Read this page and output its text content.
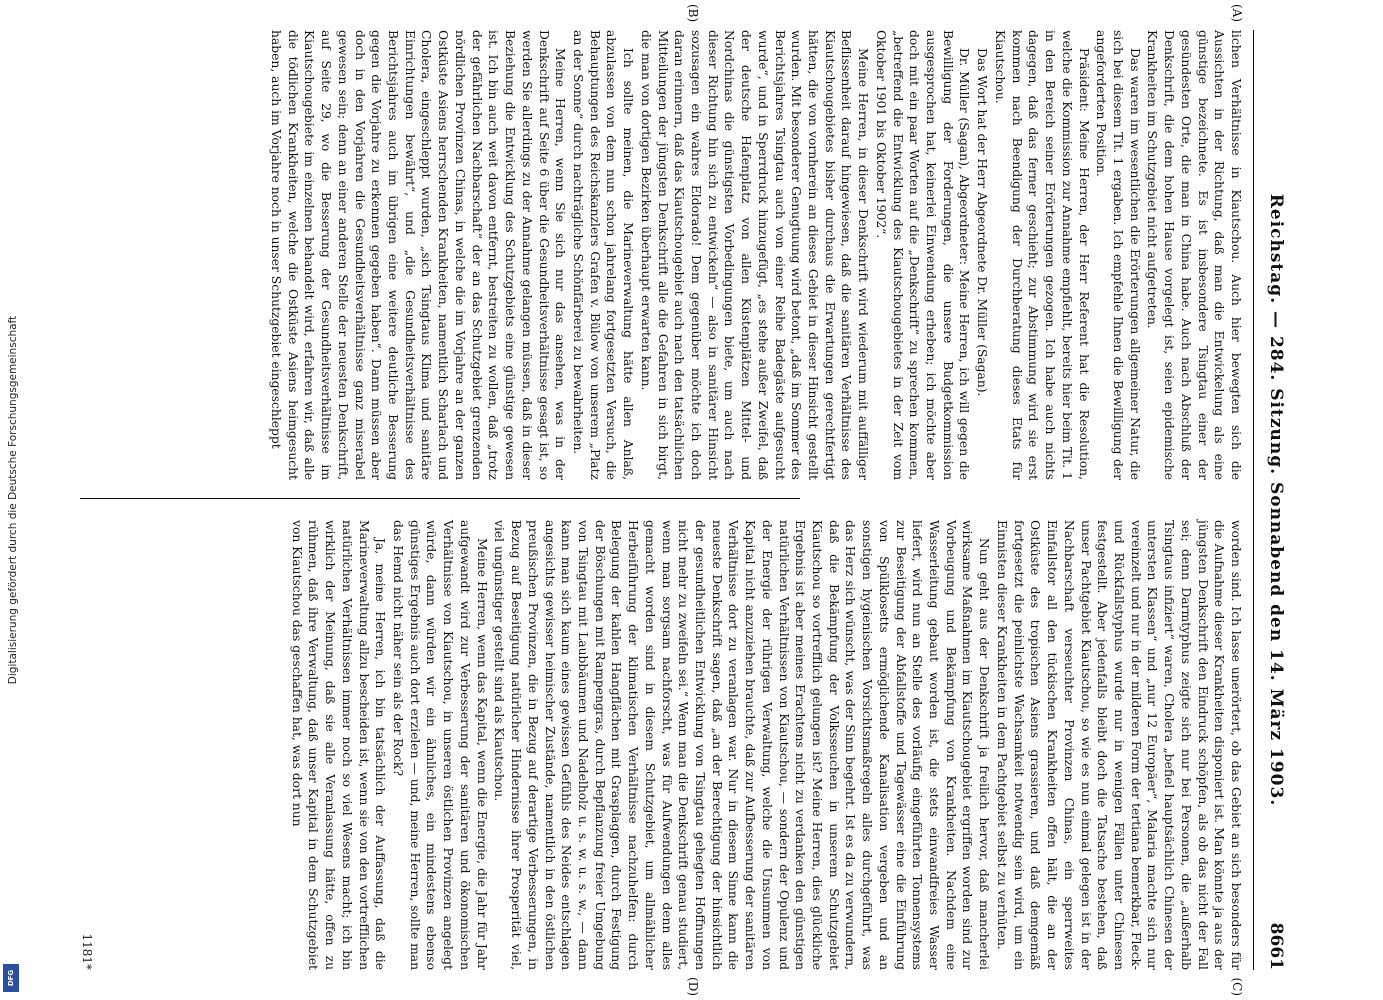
Digitalisierung gefördert durch die Deutsche Forschungsgemeinschaft
DFG
Reichstag. — 284. Sitzung. Sonnabend den 14. März 1903.
8661
(A)
(B)
(C)
(D)

lichen Verhältnisse in Kiautschou. Auch hier bewegten sich die Aussichten in der Richtung, daß man die Entwickelung als eine günstige bezeichnete. Es ist insbesondere Tsingtau einer der gesündesten Orte, die man in China habe. Auch nach Abschluß der Denkschrift, die dem hohen Hause vorgelegt ist, seien epidemische Krankheiten im Schutzgebiet nicht aufgetreten.

Das waren im wesentlichen die Erörterungen allgemeiner Natur, die sich bei diesem Tit. 1 ergaben. Ich empfehle Ihnen die Bewilligung der angeforderten Position.

Präsident: Meine Herren, der Herr Referent hat die Resolution, welche die Kommission zur Annahme empfiehlt, bereits hier beim Tit. 1 in den Bereich seiner Erörterungen gezogen. Ich habe auch nichts dagegen, daß das ferner geschieht; zur Abstimmung wird sie erst kommen nach Beendigung der Durchberatung dieses Etats für Kiautschou.

Das Wort hat der Herr Abgeordnete Dr. Müller (Sagan).

Dr. Müller (Sagan), Abgeordneter: Meine Herren, ich will gegen die Bewilligung der Forderungen, die unsere Budgetkommission ausgesprochen hat, keinerlei Einwendung erheben; ich möchte aber doch mit ein paar Worten auf die „Denkschrift“ zu sprechen kommen, „betreffend die Entwicklung des Kiautschougebietes in der Zeit vom Oktober 1901 bis Oktober 1902“.

Meine Herren, in dieser Denkschrift wird wiederum mit auffälliger Beflissenheit darauf hingewiesen, daß die sanitären Verhältnisse des Kiautschougebietes bisher durchaus die Erwartungen gerechtfertigt hätten, die von vornherein an dieses Gebiet in dieser Hinsicht gestellt wurden. Mit besonderer Genugtuung wird betont, „daß im Sommer des Berichtsjahres Tsingtau auch von einer Reihe Badegäste aufgesucht wurde“, und in Sperrdruck hinzugefügt, „es stehe außer Zweifel, daß der deutsche Hafenplatz von allen Küstenplätzen Mittel- und Nordchinas die günstigsten Vorbedingungen biete, um auch nach dieser Richtung hin sich zu entwickeln“ — also in sanitärer Hinsicht sozusagen ein wahres Eldorado! Dem gegenüber möchte ich doch daran erinnern, daß das Kiautschougebiet auch nach den tatsächlichen Mitteilungen der jüngsten Denkschrift alle die Gefahren in sich birgt, die man von dortigen Bezirken überhaupt erwarten kann.

Ich sollte meinen, die Marineverwaltung hätte allen Anlaß, abzulassen von dem nun schon jahrelang fortgesetzten Versuch, die Behauptungen des Reichskanzlers Grafen v. Bülow von unserem „Platz an der Sonne“ durch nachträgliche Schönfärberei zu bewahrheiten.

Meine Herren, wenn Sie sich nur das ansehen, was in der Denkschrift auf Seite 6 über die Gesundheitsverhältnisse gesagt ist, so werden Sie allerdings zu der Annahme gelangen müssen, daß in dieser Beziehung die Entwicklung des Schutzgebiets eine günstige gewesen ist. Ich bin auch weit davon entfernt, bestreiten zu wollen, daß „trotz der gefährlichen Nachbarschaft“ der an das Schutzgebiet grenzenden nördlichen Provinzen Chinas, in welche die im Vorjahre an der ganzen Ostküste Asiens herrschenden Krankheiten, namentlich Scharlach und Cholera, eingeschleppt wurden, „sich Tsingtaus Klima und sanitäre Einrichtungen bewährt“, und „die Gesundheitsverhältnisse des Berichtsjahres auch im übrigen eine weitere deutliche Besserung gegen die Vorjahre zu erkennen gegeben haben“. Dann müssen aber doch in den Vorjahren die Gesundheitsverhältnisse ganz miserabel gewesen sein; denn an einer anderen Stelle der neuesten Denkschrift, auf Seite 29, wo die Besserung der Gesundheitsverhältnisse im Kiautschougebiete im einzelnen behandelt wird, erfahren wir, daß alle die tödlichen Krankheiten, welche die Ostküste Asiens heimgesucht haben, auch im Vorjahre noch in unser Schutzgebiet eingeschleppt

worden sind. Ich lasse unerörtert, ob das Gebiet an sich besonders für die Aufnahme dieser Krankheiten disponiert ist. Man könnte ja aus der jüngsten Denkschrift den Eindruck schöpfen, als ob das nicht der Fall sei; denn Darmtyphus zeigte sich nur bei Personen, die „außerhalb Tsingtaus infiziert“ waren, Cholera „befiel hauptsächlich Chinesen der untersten Klassen“ und „nur 12 Europäer“, Malaria machte sich nur vereinzelt und nur in der milderen Form der tertiana bemerkbar, Fleck- und Rückfallstyphus wurde nur in wenigen Fällen unter Chinesen festgestellt. Aber jedenfalls bleibt doch die Tatsache bestehen, daß unser Pachtgebiet Kiautschou, so wie es nun einmal gelegen ist in der Nachbarschaft verseuchter Provinzen Chinas, ein sperrweites Einfallstor all den tückischen Krankheiten offen hält, die an der Ostküste des tropischen Asiens grassieren, und daß demgemäß fortgesetzt die peinlichste Wachsamkeit notwendig sein wird, um ein Einnisten dieser Krankheiten in dem Pachtgebiet selbst zu verhüten.

Nun geht aus der Denkschrift ja freilich hervor, daß mancherlei wirksame Maßnahmen im Kiautschougebiet ergriffen worden sind zur Vorbeugung und Bekämpfung von Krankheiten. Nachdem eine Wasserleitung gebaut worden ist, die stets einwandfreies Wasser liefert, wird nun an Stelle des vorläufig eingeführten Tonnensystems zur Beseitigung der Abfallstoffe und Tagewässer eine die Einführung von Spülklosetts ermöglichende Kanalisation vergeben und an sonstigen hygienischen Vorsichtsmaßregeln alles durchgeführt, was das Herz sich wünscht, was der Sinn begehrt. Ist es da zu verwundern, daß die Bekämpfung der Volksseuchen in unserem Schutzgebiet Kiautschou so vortrefflich gelungen ist? Meine Herren, dies glückliche Ergebnis ist aber meines Erachtens nicht zu verdanken den günstigen natürlichen Verhältnissen von Kiautschou, — sondern der Opulenz und der Energie der rührigen Verwaltung, welche die Unsummen von Kapital nicht anzuziehen brauchte, daß zur Aufbesserung der sanitären Verhältnisse dort zu veranlagen war. Nur in diesem Sinne kann die neueste Denkschrift sagen, daß „an der Berechtigung der hinsichtlich der gesundheitlichen Entwicklung von Tsingtau gehegten Hoffnungen nicht mehr zu zweifeln sei.“ Wenn man die Denkschrift genau studiert, wenn man sorgsam nachforscht, was für Aufwendungen denn alles gemacht worden sind in diesem Schutzgebiet, um allmählicher Herbeiführung der klimatischen Verhältnisse nachzuhelfen: durch Belegung der kahlen Hangflächen mit Grasplaggen, durch Festigung der Böschungen mit Rampengras, durch Bepflanzung freier Umgebung von Tsingtau mit Laubbäumen und Nadelholz u. s. w. u. s. w., — dann kann man sich kaum eines gewissen Gefühls des Neides entschlagen angesichts gewisser heimischer Zustände, namentlich in den östlichen preußischen Provinzen, die in Bezug auf derartige Verbesserungen, in Bezug auf Beseitigung natürlicher Hindernisse ihrer Prosperität viel, viel ungünstiger gestellt sind als Kiautschou.

Meine Herren, wenn das Kapital, wenn die Energie, die Jahr für Jahr aufgewandt wird zur Verbesserung der sanitären und ökonomischen Verhältnisse von Kiautschou, in unseren östlichen Provinzen angelegt würde, dann würden wir ein ähnliches, ein mindestens ebenso günstiges Ergebnis auch dort erzielen — und, meine Herren, sollte man das Hemd nicht näher sein als der Rock?

Ja, meine Herren, ich bin tatsächlich der Auffassung, daß die Marineverwaltung allzu bescheiden ist, wenn sie von den vortrefflichen natürlichen Verhältnissen immer noch so viel Wesens macht; ich bin wirklich der Meinung, daß sie alle Veranlassung hätte, offen zu rühmen, daß ihre Verwaltung, daß unser Kapital in dem Schutzgebiet von Kiautschou das geschaffen hat, was dort nun

1181*
